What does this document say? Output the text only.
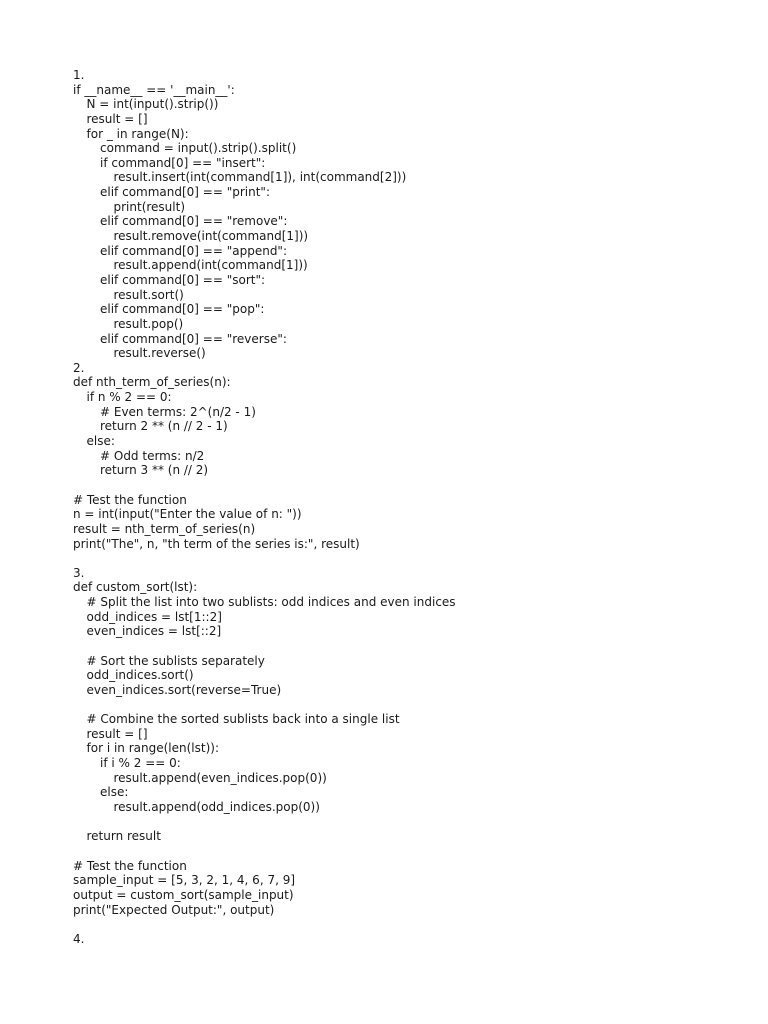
1.
if __name__ == '__main__':
N = int(input().strip())
result = []
for _ in range(N):
command = input().strip().split()
if command[0] == "insert":
result.insert(int(command[1]), int(command[2]))
elif command[0] == "print":
print(result)
elif command[0] == "remove":
result.remove(int(command[1]))
elif command[0] == "append":
result.append(int(command[1]))
elif command[0] == "sort":
result.sort()
elif command[0] == "pop":
result.pop()
elif command[0] == "reverse":
result.reverse()
2.
def nth_term_of_series(n):
if n % 2 == 0:
# Even terms: 2^(n/2 - 1)
return 2 ** (n // 2 - 1)
else:
# Odd terms: n/2
return 3 ** (n // 2)
# Test the function
n = int(input("Enter the value of n: "))
result = nth_term_of_series(n)
print("The", n, "th term of the series is:", result)
3.
def custom_sort(lst):
# Split the list into two sublists: odd indices and even indices
odd_indices = lst[1::2]
even_indices = lst[::2]
# Sort the sublists separately
odd_indices.sort()
even_indices.sort(reverse=True)
# Combine the sorted sublists back into a single list
result = []
for i in range(len(lst)):
if i % 2 == 0:
result.append(even_indices.pop(0))
else:
result.append(odd_indices.pop(0))
return result
# Test the function
sample_input = [5, 3, 2, 1, 4, 6, 7, 9]
output = custom_sort(sample_input)
print("Expected Output:", output)
4.
